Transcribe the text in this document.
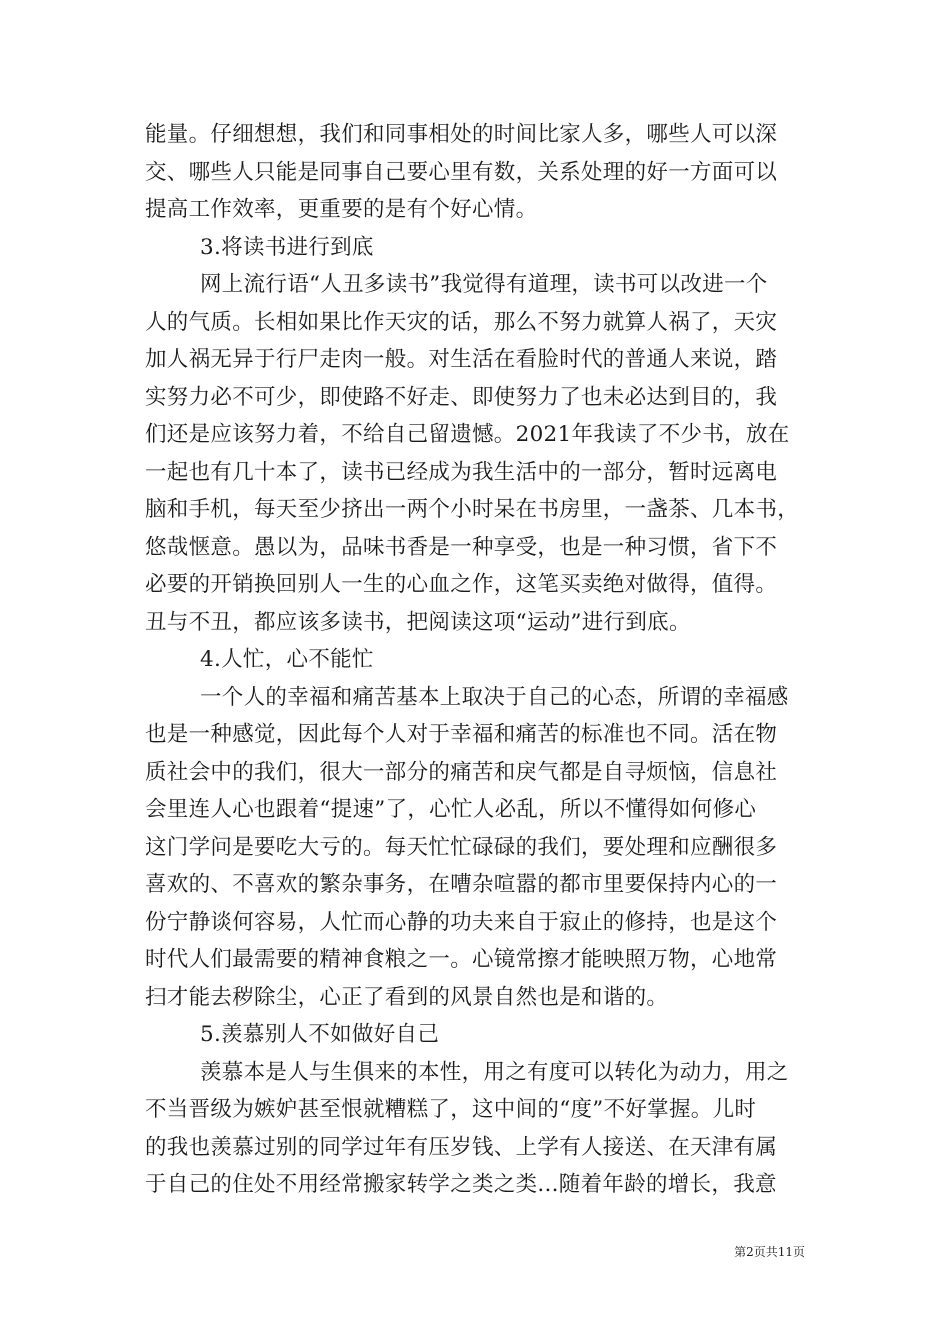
能量。仔细想想，我们和同事相处的时间比家人多，哪些人可以深
交、哪些人只能是同事自己要心里有数，关系处理的好一方面可以
提高工作效率，更重要的是有个好心情。
3.将读书进行到底
网上流行语“人丑多读书”我觉得有道理，读书可以改进一个
人的气质。长相如果比作天灾的话，那么不努力就算人祸了，天灾
加人祸无异于行尸走肉一般。对生活在看脸时代的普通人来说，踏
实努力必不可少，即使路不好走、即使努力了也未必达到目的，我
们还是应该努力着，不给自己留遗憾。2021年我读了不少书，放在
一起也有几十本了，读书已经成为我生活中的一部分，暂时远离电
脑和手机，每天至少挤出一两个小时呆在书房里，一盏茶、几本书，
悠哉惬意。愚以为，品味书香是一种享受，也是一种习惯，省下不
必要的开销换回别人一生的心血之作，这笔买卖绝对做得，值得。
丑与不丑，都应该多读书，把阅读这项“运动”进行到底。
4.人忙，心不能忙
一个人的幸福和痛苦基本上取决于自己的心态，所谓的幸福感
也是一种感觉，因此每个人对于幸福和痛苦的标准也不同。活在物
质社会中的我们，很大一部分的痛苦和戾气都是自寻烦恼，信息社
会里连人心也跟着“提速”了，心忙人必乱，所以不懂得如何修心
这门学问是要吃大亏的。每天忙忙碌碌的我们，要处理和应酬很多
喜欢的、不喜欢的繁杂事务，在嘈杂喧嚣的都市里要保持内心的一
份宁静谈何容易，人忙而心静的功夫来自于寂止的修持，也是这个
时代人们最需要的精神食粮之一。心镜常擦才能映照万物，心地常
扫才能去秽除尘，心正了看到的风景自然也是和谐的。
5.羡慕别人不如做好自己
羡慕本是人与生俱来的本性，用之有度可以转化为动力，用之
不当晋级为嫉妒甚至恨就糟糕了，这中间的“度”不好掌握。儿时
的我也羡慕过别的同学过年有压岁钱、上学有人接送、在天津有属
于自己的住处不用经常搬家转学之类之类...随着年龄的增长，我意
第2页共11页
